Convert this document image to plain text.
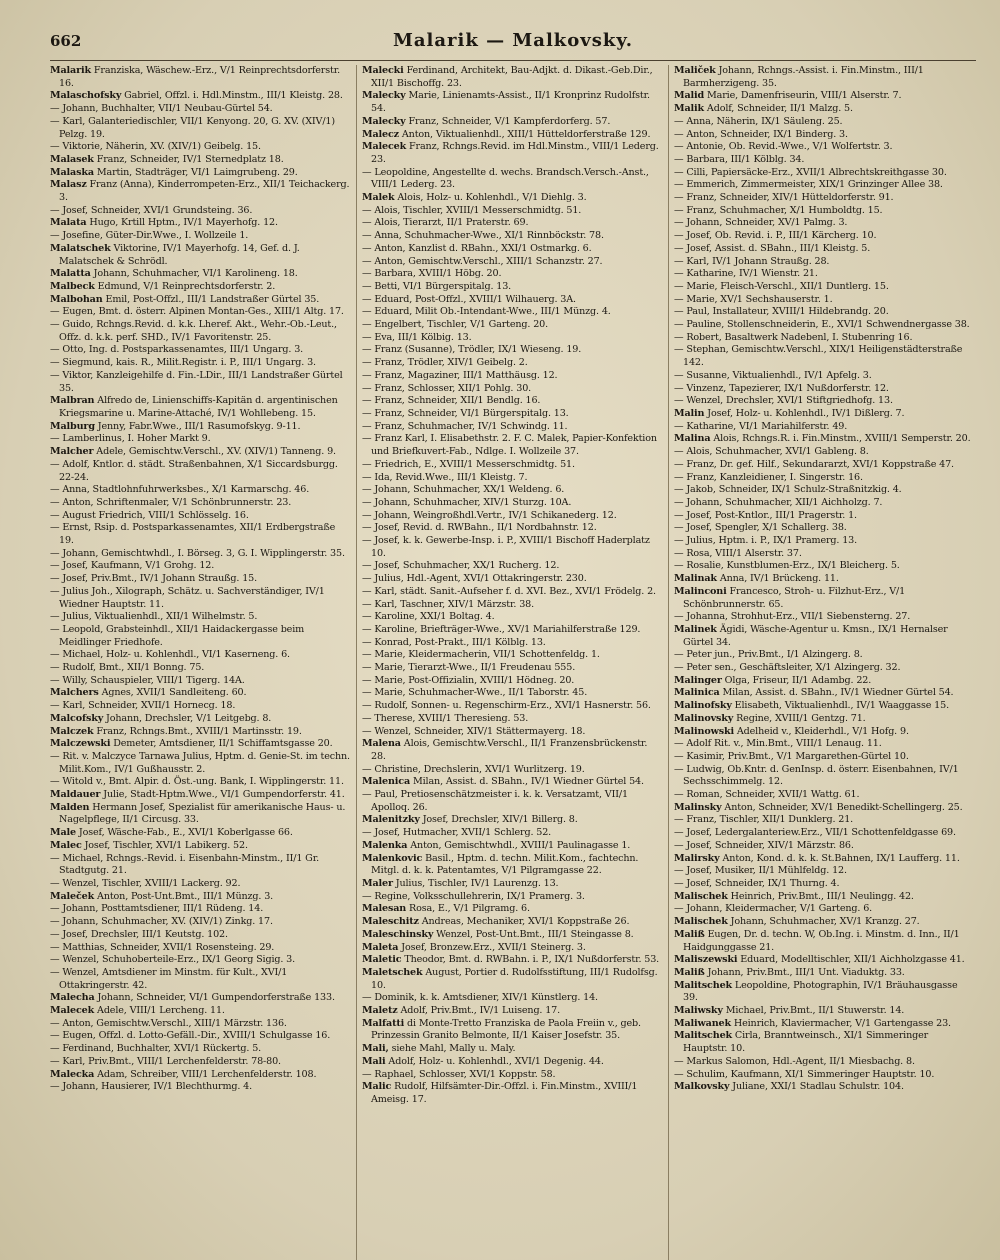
662	Malarik — Malkovsky.

Malarik Franziska, Wäschew.-Erz., V/1 Reinprechtsdorferstr. 16.

Malaschofsky Gabriel, Offzl. i. Hdl.Minstm., III/1 Kleistg. 28.

— Johann, Buchhalter, VII/1 Neubau-Gürtel 54.

— Karl, Galanteriedischler, VII/1 Kenyong. 20, G. XV. (XIV/1) Pelzg. 19.

— Viktorie, Näherin, XV. (XIV/1) Geibelg. 15.

Malasek Franz, Schneider, IV/1 Sternedplatz 18.

Malaska Martin, Stadträger, VI/1 Laimgrubeng. 29.

Malasz Franz (Anna), Kinderrompeten-Erz., XII/1 Teichackerg. 3.

— Josef, Schneider, XVI/1 Grundsteing. 36.

Malata Hugo, Krtill Hptm., IV/1 Mayerhofg. 12.

— Josefine, Güter-Dir.Wwe., I. Wollzeile 1.

Malatschek Viktorine, IV/1 Mayerhofg. 14, Gef. d. J. Malatschek & Schrödl.

Malatta Johann, Schuhmacher, VI/1 Karolineng. 18.

Malbeck Edmund, V/1 Reinprechtsdorferstr. 2.

Malbohan Emil, Post-Offzl., III/1 Landstraßer Gürtel 35.

— Eugen, Bmt. d. österr. Alpinen Montan-Ges., XIII/1 Altg. 17.

— Guido, Rchngs.Revid. d. k.k. Lheref. Akt., Wehr.-Ob.-Leut., Offz. d. k.k. perf. SHD., IV/1 Favoritenstr. 25.

— Otto, Ing. d. Postsparkassenamtes, III/1 Ungarg. 3.

— Siegmund, kais. R., Milit.Registr. i. P., III/1 Ungarg. 3.

— Viktor, Kanzleigehilfe d. Fin.-LDir., III/1 Landstraßer Gürtel 35.

Malbran Alfredo de, Linienschiffs-Kapitän d. argentinischen Kriegsmarine u. Marine-Attaché, IV/1 Wohllebeng. 15.

Malburg Jenny, Fabr.Wwe., III/1 Rasumofskyg. 9-11.

— Lamberlinus, I. Hoher Markt 9.

Malcher Adele, Gemischtw.Verschl., XV. (XIV/1) Tanneng. 9.

— Adolf, Kntlor. d. städt. Straßenbahnen, X/1 Siccardsburgg. 22-24.

— Anna, Stadtlohnfuhrwerksbes., X/1 Karmarschg. 46.

— Anton, Schriftenmaler, V/1 Schönbrunnerstr. 23.

— August Friedrich, VIII/1 Schlösselg. 16.

— Ernst, Rsip. d. Postsparkassenamtes, XII/1 Erdbergstraße 19.

— Johann, Gemischtwhdl., I. Börseg. 3, G. I. Wipplingerstr. 35.

— Josef, Kaufmann, V/1 Grohg. 12.

— Josef, Priv.Bmt., IV/1 Johann Straußg. 15.

— Julius Joh., Xilograph, Schätz. u. Sachverständiger, IV/1 Wiedner Hauptstr. 11.

— Julius, Viktualienhdl., XII/1 Wilhelmstr. 5.

— Leopold, Grabsteinhdl., XII/1 Haidackergasse beim Meidlinger Friedhofe.

— Michael, Holz- u. Kohlenhdl., VI/1 Kaserneng. 6.

— Rudolf, Bmt., XII/1 Bonng. 75.

— Willy, Schauspieler, VIII/1 Tigerg. 14A.

Malchers Agnes, XVII/1 Sandleiteng. 60.

— Karl, Schneider, XVII/1 Hornecg. 18.

Malcofsky Johann, Drechsler, V/1 Leitgebg. 8.

Malczek Franz, Rchngs.Bmt., XVIII/1 Martinsstr. 19.

Malczewski Demeter, Amtsdiener, II/1 Schiffamtsgasse 20.

— Rit. v. Malczyce Tarnawa Julius, Hptm. d. Genie-St. im techn. Milit.Kom., IV/1 Gußhausstr. 2.

— Witold v., Bmt. Alpir. d. Öst.-ung. Bank, I. Wipplingerstr. 11.

Maldauer Julie, Stadt-Hptm.Wwe., VI/1 Gumpendorferstr. 41.

Malden Hermann Josef, Spezialist für amerikanische Haus- u. Nagelpflege, II/1 Circusg. 33.

Male Josef, Wäsche-Fab., E., XVI/1 Koberlgasse 66.

Malec Josef, Tischler, XVI/1 Labikerg. 52.

— Michael, Rchngs.-Revid. i. Eisenbahn-Minstm., II/1 Gr. Stadtgutg. 21.

— Wenzel, Tischler, XVIII/1 Lackerg. 92.

Maleček Anton, Post-Unt.Bmt., III/1 Münzg. 3.

— Johann, Posttamtsdiener, III/1 Rüdeng. 14.

— Johann, Schuhmacher, XV. (XIV/1) Zinkg. 17.

— Josef, Drechsler, III/1 Keutstg. 102.

— Matthias, Schneider, XVII/1 Rosensteing. 29.

— Wenzel, Schuhoberteile-Erz., IX/1 Georg Sigig. 3.

— Wenzel, Amtsdiener im Minstm. für Kult., XVI/1 Ottakringerstr. 42.

Malecha Johann, Schneider, VI/1 Gumpendorferstraße 133.

Malecek Adele, VIII/1 Lercheng. 11.

— Anton, Gemischtw.Verschl., XIII/1 Märzstr. 136.

— Eugen, Offzl. d. Lotto-Gefäll.-Dir., XVIII/1 Schulgasse 16.

— Ferdinand, Buchhalter, XVI/1 Rückertg. 5.

— Karl, Priv.Bmt., VIII/1 Lerchenfelderstr. 78-80.

Malecka Adam, Schreiber, VIII/1 Lerchenfelderstr. 108.

— Johann, Hausierer, IV/1 Blechthurmg. 4.

Malecki Ferdinand, Architekt, Bau-Adjkt. d. Dikast.-Geb.Dir., XII/1 Bischoffg. 23.

Malecky Marie, Linienamts-Assist., II/1 Kronprinz Rudolfstr. 54.

Malecky Franz, Schneider, V/1 Kampferdorferg. 57.

Malecz Anton, Viktualienhdl., XIII/1 Hütteldorferstraße 129.

Malecek Franz, Rchngs.Revid. im Hdl.Minstm., VIII/1 Lederg. 23.

— Leopoldine, Angestellte d. wechs. Brandsch.Versch.-Anst., VIII/1 Lederg. 23.

Malek Alois, Holz- u. Kohlenhdl., V/1 Diehlg. 3.

— Alois, Tischler, XVIII/1 Messerschmidtg. 51.

— Alois, Tierarzt, II/1 Praterstr. 69.

— Anna, Schuhmacher-Wwe., XI/1 Rinnböckstr. 78.

— Anton, Kanzlist d. RBahn., XXI/1 Ostmarkg. 6.

— Anton, Gemischtw.Verschl., XIII/1 Schanzstr. 27.

— Barbara, XVIII/1 Höbg. 20.

— Betti, VI/1 Bürgerspitalg. 13.

— Eduard, Post-Offzl., XVIII/1 Wilhauerg. 3A.

— Eduard, Milit Ob.-Intendant-Wwe., III/1 Münzg. 4.

— Engelbert, Tischler, V/1 Garteng. 20.

— Eva, III/1 Kölbig. 13.

— Franz (Susanne), Trödler, IX/1 Wieseng. 19.

— Franz, Trödler, XIV/1 Geibelg. 2.

— Franz, Magaziner, III/1 Matthäusg. 12.

— Franz, Schlosser, XII/1 Pohlg. 30.

— Franz, Schneider, XII/1 Bendlg. 16.

— Franz, Schneider, VI/1 Bürgerspitalg. 13.

— Franz, Schuhmacher, IV/1 Schwindg. 11.

— Franz Karl, I. Elisabethstr. 2. F. C. Malek, Papier-Konfektion und Briefkuvert-Fab., Ndlge. I. Wollzeile 37.

— Friedrich, E., XVIII/1 Messerschmidtg. 51.

— Ida, Revid.Wwe., III/1 Kleistg. 7.

— Johann, Schuhmacher, XX/1 Weldeng. 6.

— Johann, Schuhmacher, XIV/1 Sturzg. 10A.

— Johann, Weingroßhdl.Vertr., IV/1 Schikanederg. 12.

— Josef, Revid. d. RWBahn., II/1 Nordbahnstr. 12.

— Josef, k. k. Gewerbe-Insp. i. P., XVIII/1 Bischoff Haderplatz 10.

— Josef, Schuhmacher, XX/1 Rucherg. 12.

— Julius, Hdl.-Agent, XVI/1 Ottakringerstr. 230.

— Karl, städt. Sanit.-Aufseher f. d. XVI. Bez., XVI/1 Frödelg. 2.

— Karl, Taschner, XIV/1 Märzstr. 38.

— Karoline, XXI/1 Boltag. 4.

— Karoline, Briefträger-Wwe., XV/1 Mariahilferstraße 129.

— Konrad, Post-Prakt., III/1 Kölblg. 13.

— Marie, Kleidermacherin, VII/1 Schottenfeldg. 1.

— Marie, Tierarzt-Wwe., II/1 Freudenau 555.

— Marie, Post-Offizialin, XVIII/1 Hödneg. 20.

— Marie, Schuhmacher-Wwe., II/1 Taborstr. 45.

— Rudolf, Sonnen- u. Regenschirm-Erz., XVI/1 Hasnerstr. 56.

— Therese, XVIII/1 Theresieng. 53.

— Wenzel, Schneider, XIV/1 Stättermayerg. 18.

Malena Alois, Gemischtw.Verschl., II/1 Franzensbrückenstr. 28.

— Christine, Drechslerin, XVI/1 Wurlitzerg. 19.

Malenica Milan, Assist. d. SBahn., IV/1 Wiedner Gürtel 54.

— Paul, Pretiosenschätzmeister i. k. k. Versatzamt, VII/1 Apolloq. 26.

Malenitzky Josef, Drechsler, XIV/1 Billerg. 8.

— Josef, Hutmacher, XVII/1 Schlerg. 52.

Malenka Anton, Gemischtwhdl., XVIII/1 Paulinagasse 1.

Malenkovic Basil., Hptm. d. techn. Milit.Kom., fachtechn. Mitgl. d. k. k. Patentamtes, V/1 Pilgramgasse 22.

Maler Julius, Tischler, IV/1 Laurenzg. 13.

— Regine, Volksschullehrerin, IX/1 Pramerg. 3.

Malesan Rosa, E., V/1 Pilgramg. 6.

Maleschitz Andreas, Mechaniker, XVI/1 Koppstraße 26.

Maleschinsky Wenzel, Post-Unt.Bmt., III/1 Steingasse 8.

Maleta Josef, Bronzew.Erz., XVII/1 Steinerg. 3.

Maletic Theodor, Bmt. d. RWBahn. i. P., IX/1 Nußdorferstr. 53.

Maletschek August, Portier d. Rudolfsstiftung, III/1 Rudolfsg. 10.

— Dominik, k. k. Amtsdiener, XIV/1 Künstlerg. 14.

Maletz Adolf, Priv.Bmt., IV/1 Luiseng. 17.

Malfatti di Monte-Tretto Franziska de Paola Freiin v., geb. Prinzessin Granito Belmonte, II/1 Kaiser Josefstr. 35.

Mali, siehe Mahl, Mally u. Maly.

Mali Adolf, Holz- u. Kohlenhdl., XVI/1 Degenig. 44.

— Raphael, Schlosser, XVI/1 Koppstr. 58.

Malic Rudolf, Hilfsämter-Dir.-Offzl. i. Fin.Minstm., XVIII/1 Ameisg. 17.

Maliček Johann, Rchngs.-Assist. i. Fin.Minstm., III/1 Barmherzigeng. 35.

Malid Marie, Damenfriseurin, VIII/1 Alserstr. 7.

Malik Adolf, Schneider, II/1 Malzg. 5.

— Anna, Näherin, IX/1 Säuleng. 25.

— Anton, Schneider, IX/1 Binderg. 3.

— Antonie, Ob. Revid.-Wwe., V/1 Wolfertstr. 3.

— Barbara, III/1 Kölblg. 34.

— Cilli, Papiersäcke-Erz., XVII/1 Albrechtskreithgasse 30.

— Emmerich, Zimmermeister, XIX/1 Grinzinger Allee 38.

— Franz, Schneider, XIV/1 Hütteldorferstr. 91.

— Franz, Schuhmacher, X/1 Humboldtg. 15.

— Johann, Schneider, XV/1 Palmg. 3.

— Josef, Ob. Revid. i. P., III/1 Kärcherg. 10.

— Josef, Assist. d. SBahn., III/1 Kleistg. 5.

— Karl, IV/1 Johann Straußg. 28.

— Katharine, IV/1 Wienstr. 21.

— Marie, Fleisch-Verschl., XII/1 Duntlerg. 15.

— Marie, XV/1 Sechshauserstr. 1.

— Paul, Installateur, XVIII/1 Hildebrandg. 20.

— Pauline, Stollenschneiderin, E., XVI/1 Schwendnergasse 38.

— Robert, Basaltwerk Nadebenl, I. Stubenring 16.

— Stephan, Gemischtw.Verschl., XIX/1 Heiligenstädterstraße 142.

— Susanne, Viktualienhdl., IV/1 Apfelg. 3.

— Vinzenz, Tapezierer, IX/1 Nußdorferstr. 12.

— Wenzel, Drechsler, XVI/1 Stiftgriedhofg. 13.

Malin Josef, Holz- u. Kohlenhdl., IV/1 Dißlerg. 7.

— Katharine, VI/1 Mariahilferstr. 49.

Malina Alois, Rchngs.R. i. Fin.Minstm., XVIII/1 Semperstr. 20.

— Alois, Schuhmacher, XVI/1 Gableng. 8.

— Franz, Dr. gef. Hilf., Sekundararzt, XVI/1 Koppstraße 47.

— Franz, Kanzleidiener, I. Singerstr. 16.

— Jakob, Schneider, IX/1 Schulz-Straßnitzkig. 4.

— Johann, Schuhmacher, XII/1 Aichholzg. 7.

— Josef, Post-Kntlor., III/1 Pragerstr. 1.

— Josef, Spengler, X/1 Schallerg. 38.

— Julius, Hptm. i. P., IX/1 Pramerg. 13.

— Rosa, VIII/1 Alserstr. 37.

— Rosalie, Kunstblumen-Erz., IX/1 Bleicherg. 5.

Malinak Anna, IV/1 Brückeng. 11.

Malinconi Francesco, Stroh- u. Filzhut-Erz., V/1 Schönbrunnerstr. 65.

— Johanna, Strohhut-Erz., VII/1 Siebensterng. 27.

Malinek Ägidi, Wäsche-Agentur u. Kmsn., IX/1 Hernalser Gürtel 34.

— Peter jun., Priv.Bmt., I/1 Alzingerg. 8.

— Peter sen., Geschäftsleiter, X/1 Alzingerg. 32.

Malinger Olga, Friseur, II/1 Adambg. 22.

Malinica Milan, Assist. d. SBahn., IV/1 Wiedner Gürtel 54.

Malinofsky Elisabeth, Viktualienhdl., IV/1 Waaggasse 15.

Malinovsky Regine, XVIII/1 Gentzg. 71.

Malinowski Adelheid v., Kleiderhdl., V/1 Hofg. 9.

— Adolf Rit. v., Min.Bmt., VIII/1 Lenaug. 11.

— Kasimir, Priv.Bmt., V/1 Margarethen-Gürtel 10.

— Ludwig, Ob.Kntr. d. GenInsp. d. österr. Eisenbahnen, IV/1 Sechsschimmelg. 12.

— Roman, Schneider, XVII/1 Wattg. 61.

Malinsky Anton, Schneider, XV/1 Benedikt-Schellingerg. 25.

— Franz, Tischler, XII/1 Dunklerg. 21.

— Josef, Ledergalanteriew.Erz., VII/1 Schottenfeldgasse 69.

— Josef, Schneider, XIV/1 Märzstr. 86.

Malirsky Anton, Kond. d. k. k. St.Bahnen, IX/1 Laufferg. 11.

— Josef, Musiker, II/1 Mühlfeldg. 12.

— Josef, Schneider, IX/1 Thurng. 4.

Malischek Heinrich, Priv.Bmt., III/1 Neulingg. 42.

— Johann, Kleidermacher, V/1 Garteng. 6.

Malischek Johann, Schuhmacher, XV/1 Kranzg. 27.

Maliß Eugen, Dr. d. techn. W, Ob.Ing. i. Minstm. d. Inn., II/1 Haidgunggasse 21.

Maliszewski Eduard, Modelltischler, XII/1 Aichholzgasse 41.

Maliß Johann, Priv.Bmt., III/1 Unt. Viaduktg. 33.

Malitschek Leopoldine, Photographin, IV/1 Bräuhausgasse 39.

Maliwsky Michael, Priv.Bmt., II/1 Stuwerstr. 14.

Maliwanek Heinrich, Klaviermacher, V/1 Gartengasse 23.

Malitschek Cirla, Branntweinsch., XI/1 Simmeringer Hauptstr. 10.

— Markus Salomon, Hdl.-Agent, II/1 Miesbachg. 8.

— Schulim, Kaufmann, XI/1 Simmeringer Hauptstr. 10.

Malkovsky Juliane, XXI/1 Stadlau Schulstr. 104.
